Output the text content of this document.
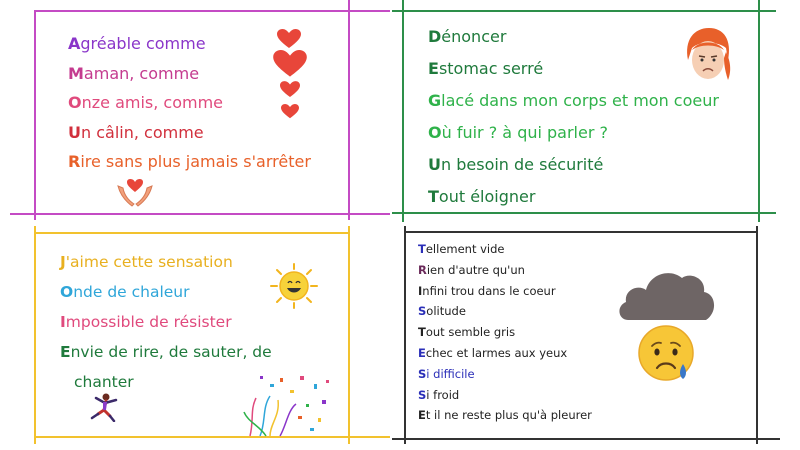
Agréable comme
Maman, comme
Onze amis, comme
Un câlin, comme
Rire sans plus jamais s'arrêter
Dénoncer
Estomac serré
Glacé dans mon corps et mon coeur
Où fuir ? à qui parler ?
Un besoin de sécurité
Tout éloigner
J'aime cette sensation
Onde de chaleur
Impossible de résister
Envie de rire, de sauter, de
chanter
Tellement vide
Rien d'autre qu'un
Infini trou dans le coeur
Solitude
Tout semble gris
Echec et larmes aux yeux
Si difficile
Si froid
Et il ne reste plus qu'à pleurer
